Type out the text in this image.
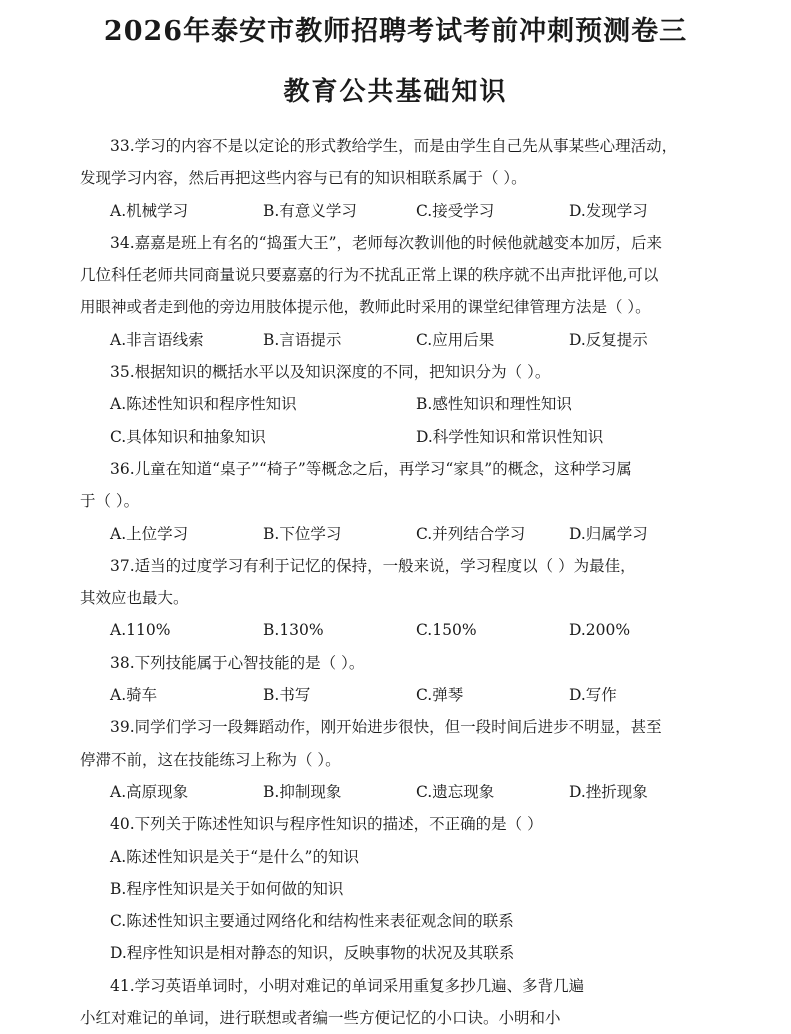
2026年泰安市教师招聘考试考前冲刺预测卷三
教育公共基础知识
33.学习的内容不是以定论的形式教给学生，而是由学生自己先从事某些心理活动，
发现学习内容，然后再把这些内容与已有的知识相联系属于（ ）。
A.机械学习	B.有意义学习	C.接受学习	D.发现学习
34.嘉嘉是班上有名的“捣蛋大王”，老师每次教训他的时候他就越变本加厉，后来
几位科任老师共同商量说只要嘉嘉的行为不扰乱正常上课的秩序就不出声批评他,可以
用眼神或者走到他的旁边用肢体提示他，教师此时采用的课堂纪律管理方法是（ ）。
A.非言语线索	B.言语提示	C.应用后果	D.反复提示
35.根据知识的概括水平以及知识深度的不同，把知识分为（ ）。
A.陈述性知识和程序性知识	B.感性知识和理性知识
C.具体知识和抽象知识	D.科学性知识和常识性知识
36.儿童在知道“桌子”“椅子”等概念之后，再学习“家具”的概念，这种学习属
于（ ）。
A.上位学习	B.下位学习	C.并列结合学习	D.归属学习
37.适当的过度学习有利于记忆的保持，一般来说，学习程度以（ ）为最佳，
其效应也最大。
A.110%	B.130%	C.150%	D.200%
38.下列技能属于心智技能的是（ ）。
A.骑车	B.书写	C.弹琴	D.写作
39.同学们学习一段舞蹈动作，刚开始进步很快，但一段时间后进步不明显，甚至
停滞不前，这在技能练习上称为（ ）。
A.高原现象	B.抑制现象	C.遗忘现象	D.挫折现象
40.下列关于陈述性知识与程序性知识的描述，不正确的是（ ）
A.陈述性知识是关于“是什么”的知识
B.程序性知识是关于如何做的知识
C.陈述性知识主要通过网络化和结构性来表征观念间的联系
D.程序性知识是相对静态的知识，反映事物的状况及其联系
41.学习英语单词时，小明对难记的单词采用重复多抄几遍、多背几遍
小红对难记的单词，进行联想或者编一些方便记忆的小口诀。小明和小
